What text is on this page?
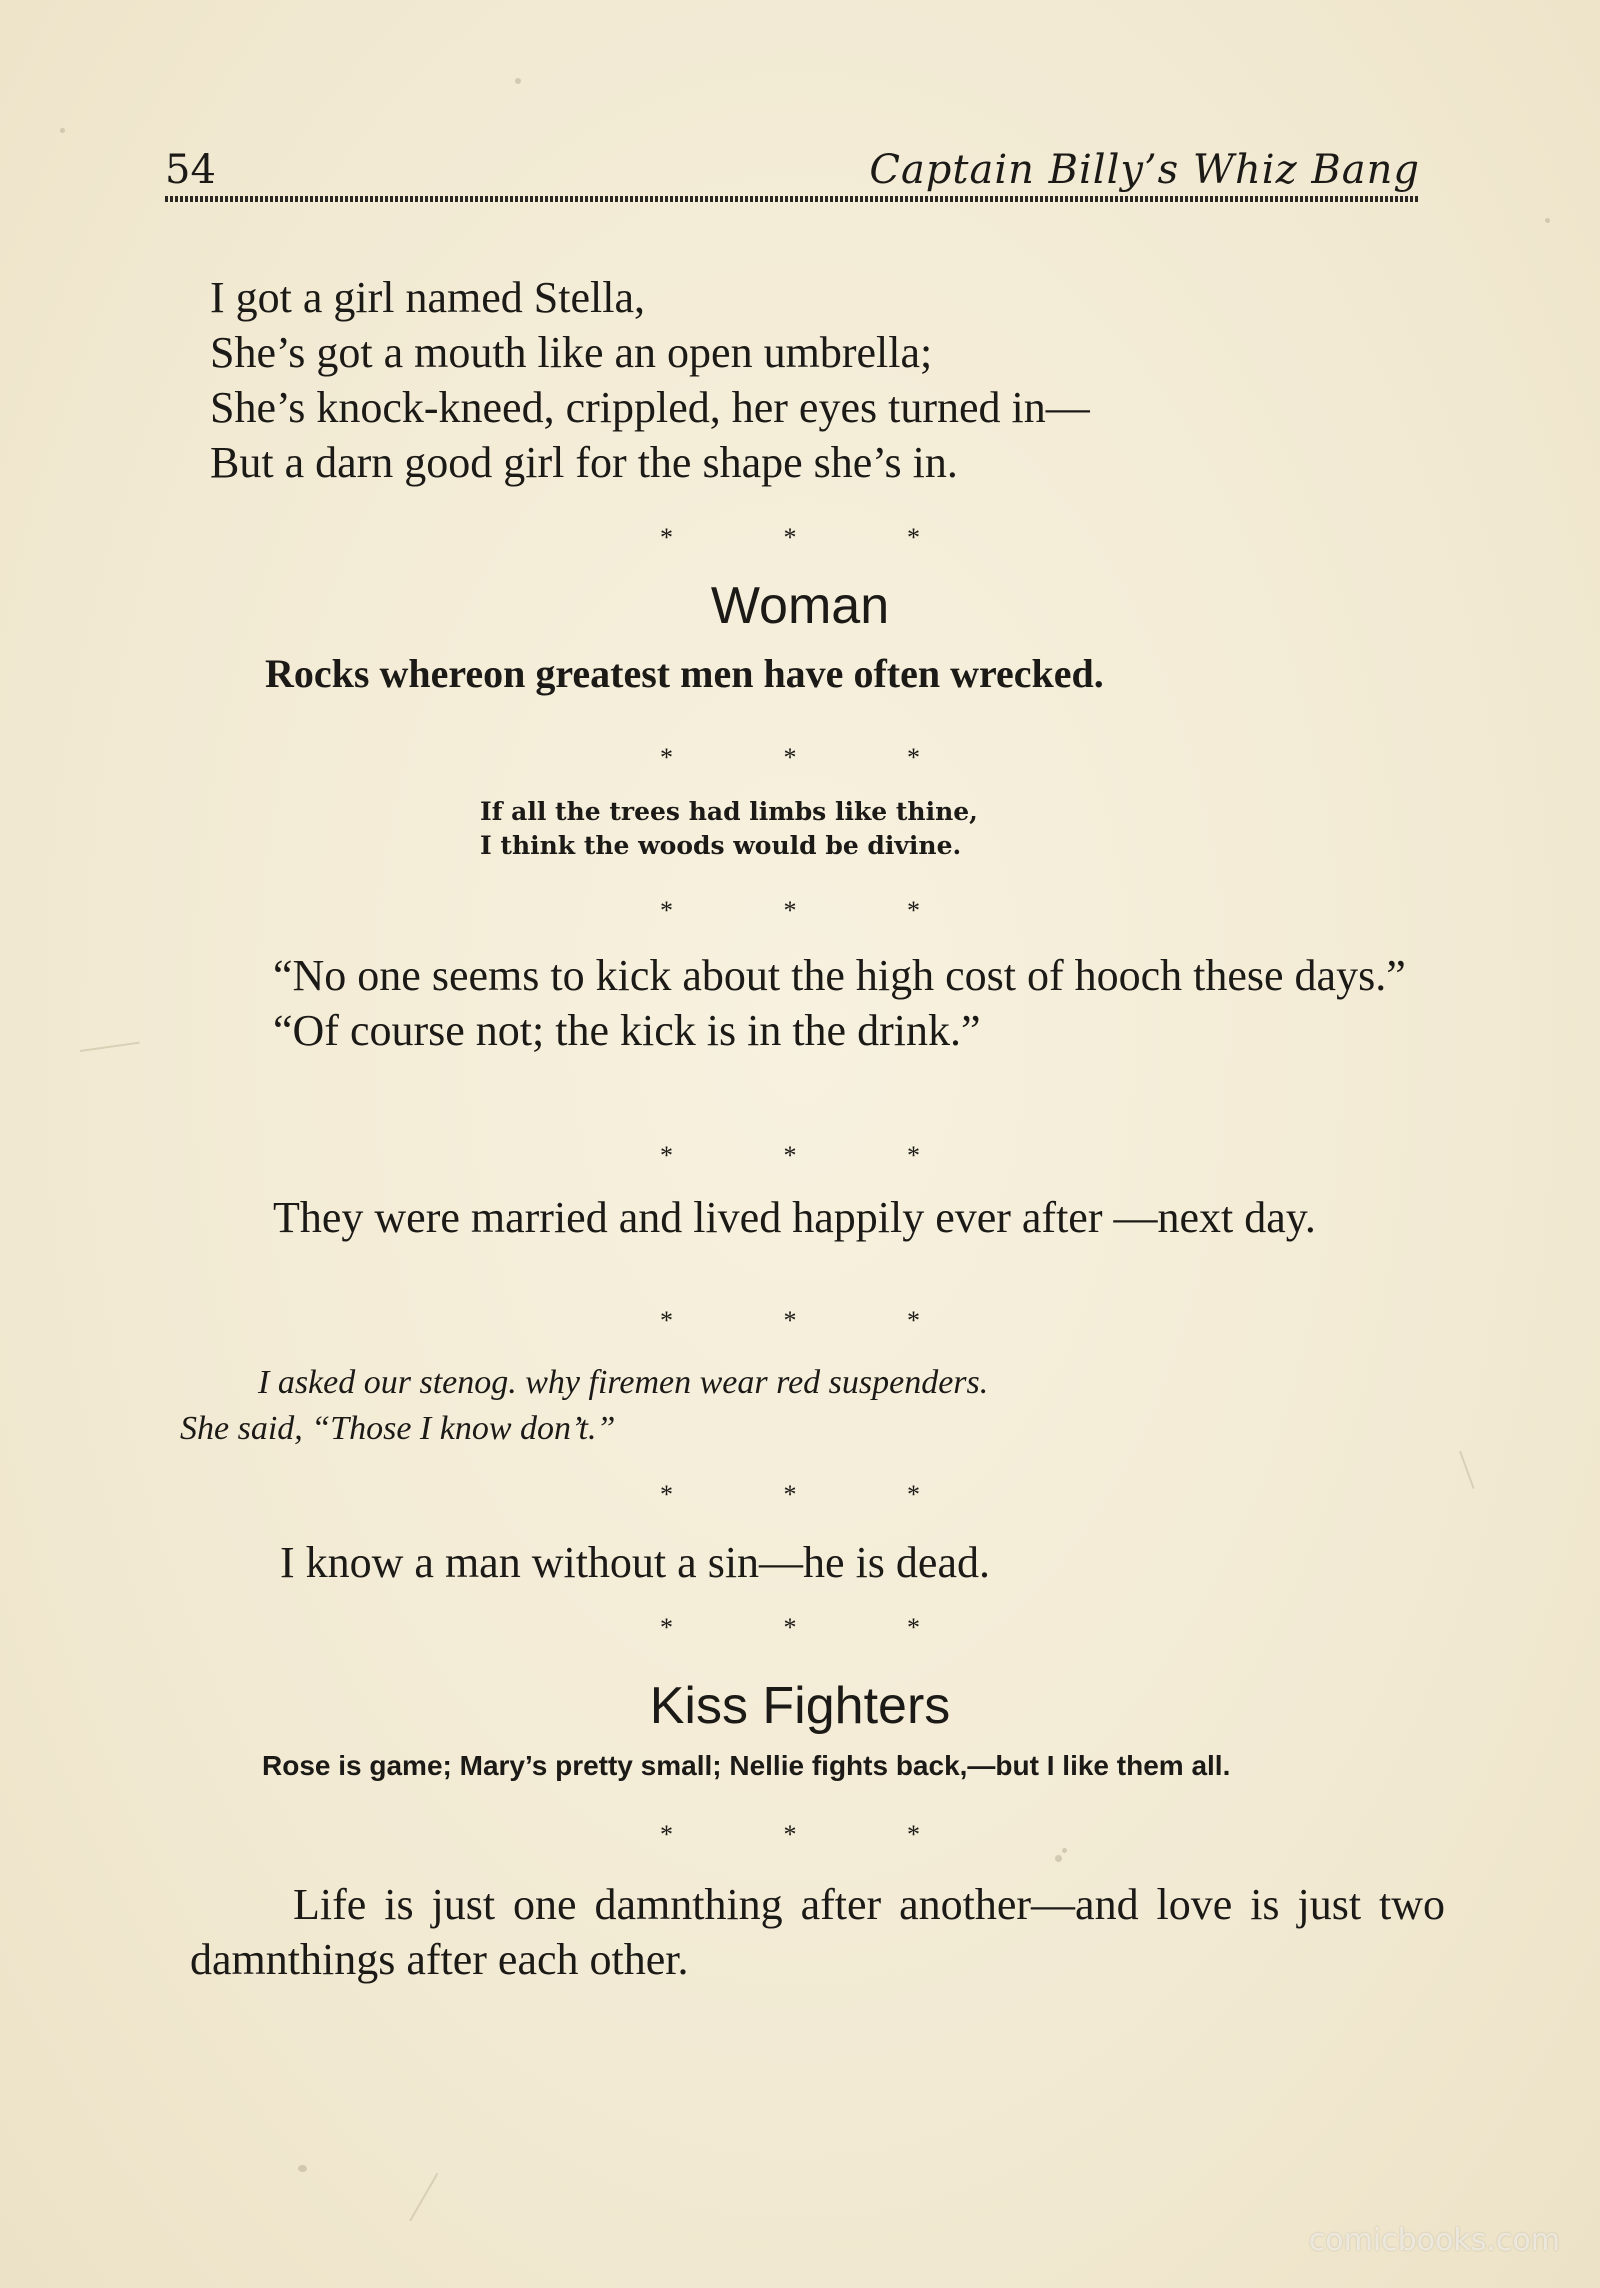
54	Captain Billy’s Whiz Bang
I got a girl named Stella,
She’s got a mouth like an open umbrella;
She’s knock-kneed, crippled, her eyes turned in—
But a darn good girl for the shape she’s in.
*	*	*
Woman
Rocks whereon greatest men have often wrecked.
*	*	*
If all the trees had limbs like thine,
I think the woods would be divine.
*	*	*

“No one seems to kick about the high cost of hooch these days.”

“Of course not; the kick is in the drink.”

*	*	*

They were married and lived happily ever after —next day.

*	*	*
I asked our stenog. why firemen wear red suspenders.
She said, “Those I know don’t.”
*	*	*
I know a man without a sin—he is dead.
*	*	*
Kiss Fighters
Rose is game; Mary’s pretty small; Nellie fights back,—but I like them all.
*	*	*

Life is just one damnthing after another—and love is just two damnthings after each other.

comicbooks.com
